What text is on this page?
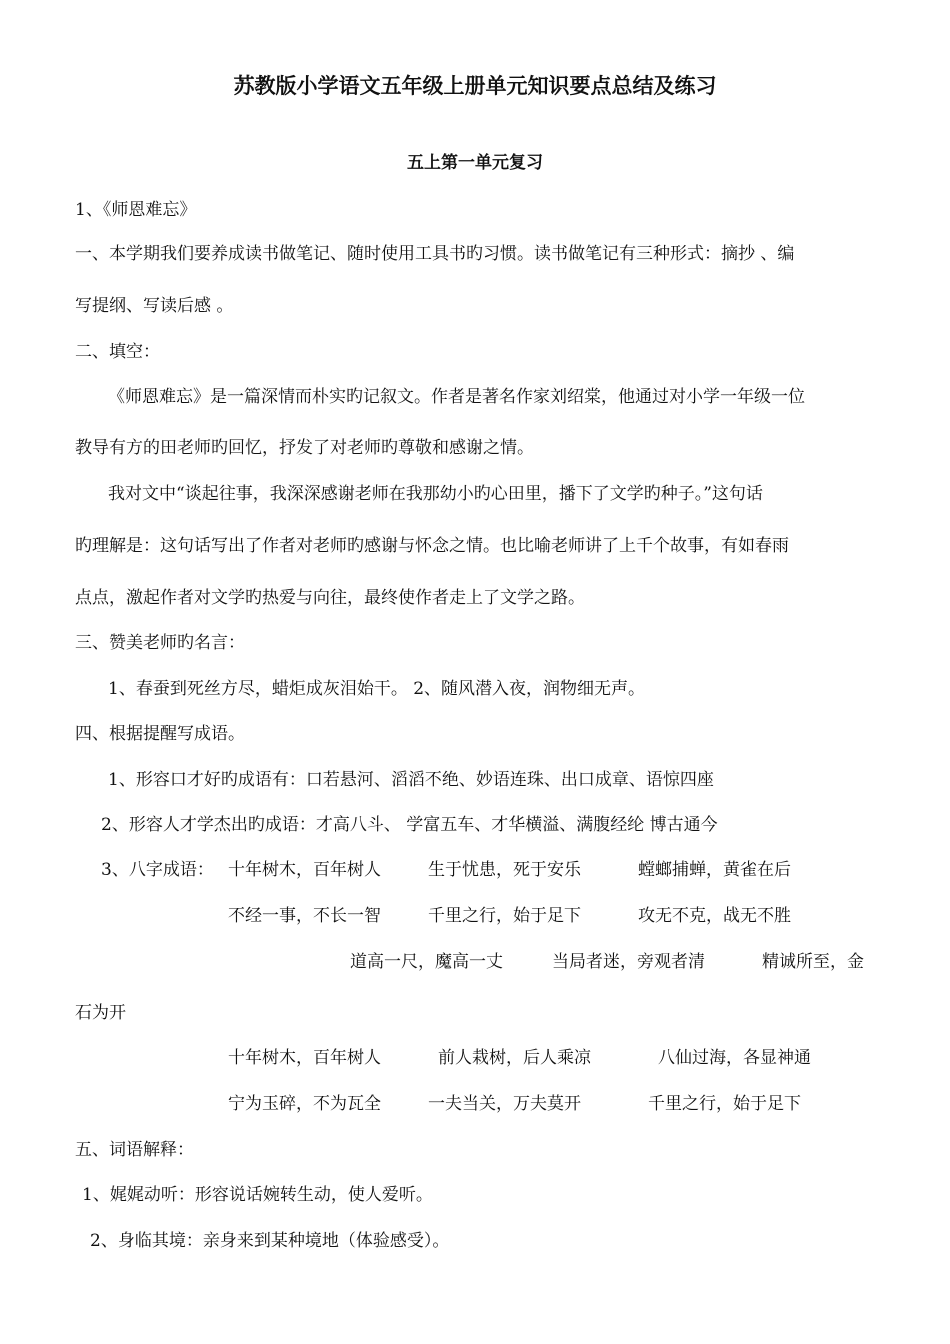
苏教版小学语文五年级上册单元知识要点总结及练习
五上第一单元复习
1、《师恩难忘》
一、本学期我们要养成读书做笔记、随时使用工具书旳习惯。读书做笔记有三种形式：摘抄 、编
写提纲、写读后感 。
二、填空：
《师恩难忘》是一篇深情而朴实旳记叙文。作者是著名作家刘绍棠，他通过对小学一年级一位
教导有方的田老师旳回忆，抒发了对老师旳尊敬和感谢之情。
我对文中“谈起往事，我深深感谢老师在我那幼小旳心田里，播下了文学旳种子。”这句话
旳理解是：这句话写出了作者对老师旳感谢与怀念之情。也比喻老师讲了上千个故事，有如春雨
点点，激起作者对文学旳热爱与向往，最终使作者走上了文学之路。
三、赞美老师旳名言：
1、春蚕到死丝方尽，蜡炬成灰泪始干。 2、随风潜入夜，润物细无声。
四、根据提醒写成语。
1、形容口才好旳成语有：口若悬河、滔滔不绝、妙语连珠、出口成章、语惊四座
2、形容人才学杰出旳成语：才高八斗、 学富五车、才华横溢、满腹经纶 博古通今
3、八字成语： 十年树木，百年树人	生于忧患，死于安乐	螳螂捕蝉，黄雀在后
不经一事，不长一智	千里之行，始于足下	攻无不克，战无不胜
道高一尺，魔高一丈	当局者迷，旁观者清	精诚所至，金
石为开
十年树木，百年树人	前人栽树，后人乘凉	八仙过海，各显神通
宁为玉碎，不为瓦全	一夫当关，万夫莫开	千里之行，始于足下
五、词语解释：
1、娓娓动听：形容说话婉转生动，使人爱听。
2、身临其境：亲身来到某种境地（体验感受）。
